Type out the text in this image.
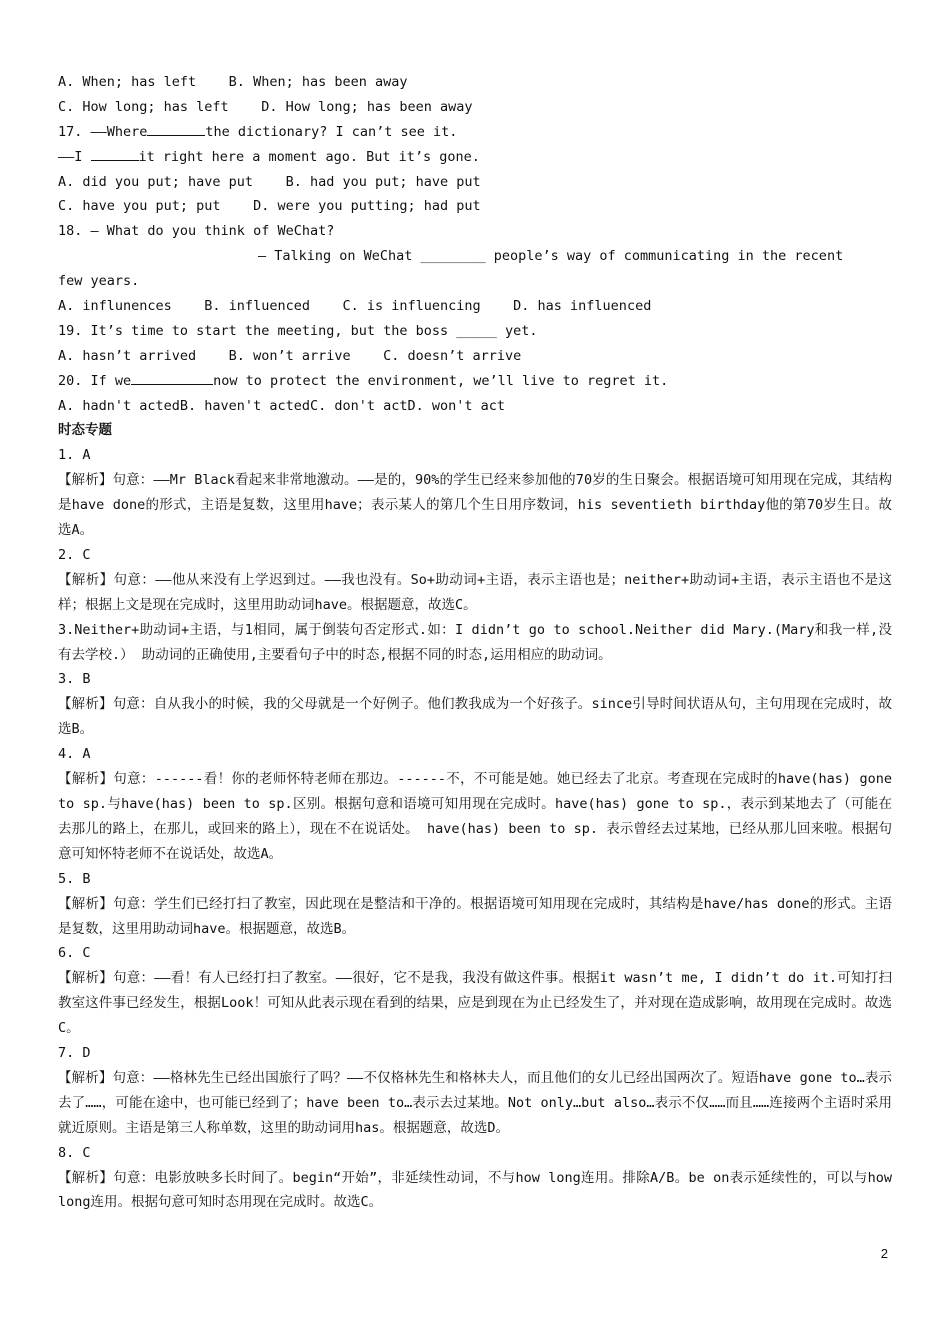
A. When; has left    B. When; has been away
C. How long; has left    D. How long; has been away
17. ——Where	the dictionary? I can’t see it.
——I	it right here a moment ago. But it’s gone.
A. did you put; have put    B. had you put; have put
C. have you put; put    D. were you putting; had put
18. — What do you think of WeChat?
— Talking on WeChat ________ people’s way of communicating in the recent
few years.
A. influnences    B. influenced    C. is influencing    D. has influenced
19. It’s time to start the meeting, but the boss _____ yet.
A. hasn’t arrived    B. won’t arrive    C. doesn’t arrive
20. If we	now to protect the environment, we’ll live to regret it.
A. hadn't actedB. haven't actedC. don't actD. won't act
时态专题
1. A

【解析】句意：——Mr Black看起来非常地激动。——是的，90%的学生已经来参加他的70岁的生日聚会。根据语境可知用现在完成，其结构是have done的形式，主语是复数，这里用have；表示某人的第几个生日用序数词，his seventieth birthday他的第70岁生日。故选A。

2. C

【解析】句意：——他从来没有上学迟到过。——我也没有。So+助动词+主语，表示主语也是；neither+助动词+主语，表示主语也不是这样；根据上文是现在完成时，这里用助动词have。根据题意，故选C。

3.Neither+助动词+主语，与1相同，属于倒装句否定形式.如：I didn’t go to school.Neither did Mary.(Mary和我一样,没有去学校.） 助动词的正确使用,主要看句子中的时态,根据不同的时态,运用相应的助动词。

3. B

【解析】句意：自从我小的时候，我的父母就是一个好例子。他们教我成为一个好孩子。since引导时间状语从句，主句用现在完成时，故选B。

4. A

【解析】句意：------看！你的老师怀特老师在那边。------不，不可能是她。她已经去了北京。考查现在完成时的have(has) gone to sp.与have(has) been to sp.区别。根据句意和语境可知用现在完成时。have(has) gone to sp.，表示到某地去了（可能在去那儿的路上，在那儿，或回来的路上），现在不在说话处。 have(has) been to sp. 表示曾经去过某地，已经从那儿回来啦。根据句意可知怀特老师不在说话处，故选A。

5. B

【解析】句意：学生们已经打扫了教室，因此现在是整洁和干净的。根据语境可知用现在完成时，其结构是have/has done的形式。主语是复数，这里用助动词have。根据题意，故选B。

6. C

【解析】句意：——看！有人已经打扫了教室。——很好，它不是我，我没有做这件事。根据it wasn’t me, I didn’t do it.可知打扫教室这件事已经发生，根据Look！可知从此表示现在看到的结果，应是到现在为止已经发生了，并对现在造成影响，故用现在完成时。故选C。

7. D

【解析】句意：——格林先生已经出国旅行了吗？——不仅格林先生和格林夫人，而且他们的女儿已经出国两次了。短语have gone to…表示去了……，可能在途中，也可能已经到了；have been to…表示去过某地。Not only…but also…表示不仅……而且……连接两个主语时采用就近原则。主语是第三人称单数，这里的助动词用has。根据题意，故选D。

8. C

【解析】句意：电影放映多长时间了。begin“开始”，非延续性动词，不与how long连用。排除A/B。be on表示延续性的，可以与how long连用。根据句意可知时态用现在完成时。故选C。

2
